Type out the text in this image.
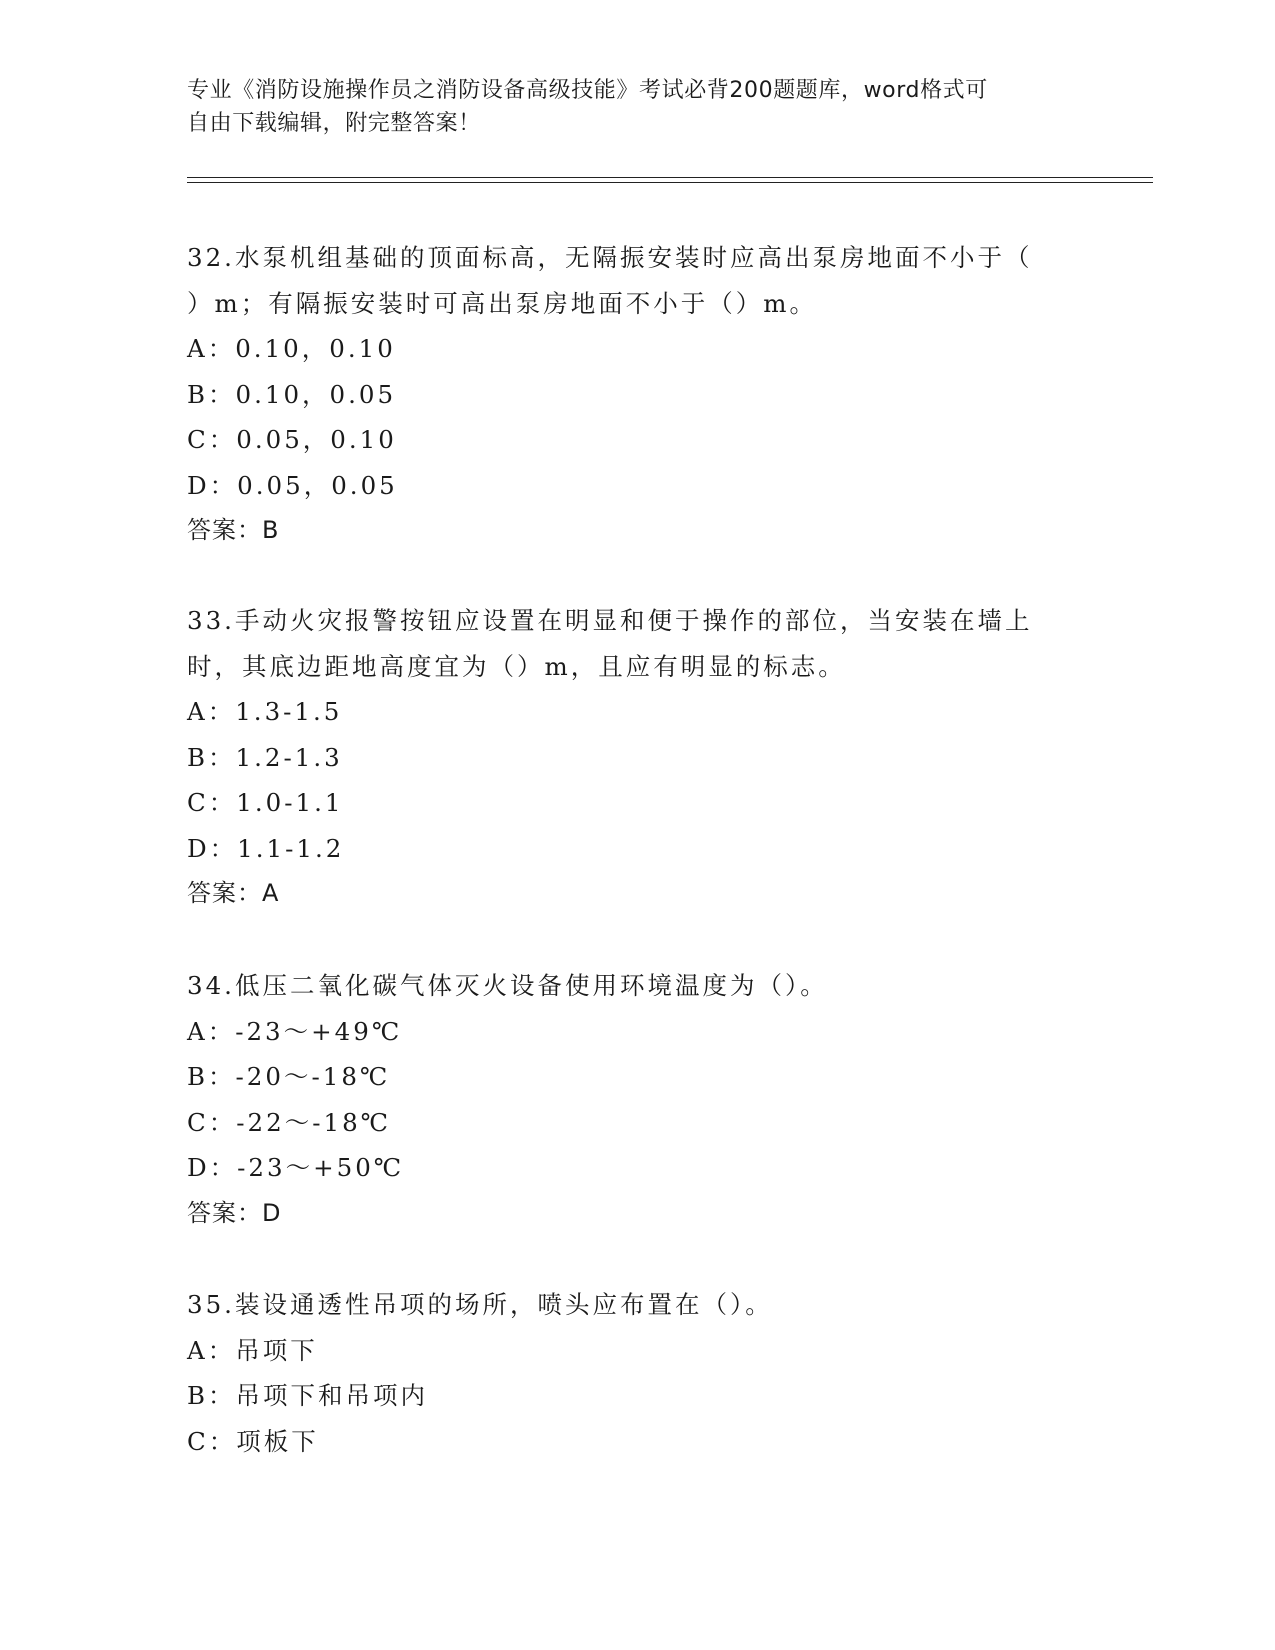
专业《消防设施操作员之消防设备高级技能》考试必背200题题库，word格式可
自由下载编辑，附完整答案！
32.水泵机组基础的顶面标高，无隔振安装时应高出泵房地面不小于（
）m；有隔振安装时可高出泵房地面不小于（）m。
A：0.10，0.10
B：0.10，0.05
C：0.05，0.10
D：0.05，0.05
答案：B
33.手动火灾报警按钮应设置在明显和便于操作的部位，当安装在墙上
时，其底边距地高度宜为（）m，且应有明显的标志。
A：1.3-1.5
B：1.2-1.3
C：1.0-1.1
D：1.1-1.2
答案：A
34.低压二氧化碳气体灭火设备使用环境温度为（）。
A：-23～+49℃
B：-20～-18℃
C：-22～-18℃
D：-23～+50℃
答案：D
35.装设通透性吊项的场所，喷头应布置在（）。
A：吊项下
B：吊项下和吊项内
C：项板下
